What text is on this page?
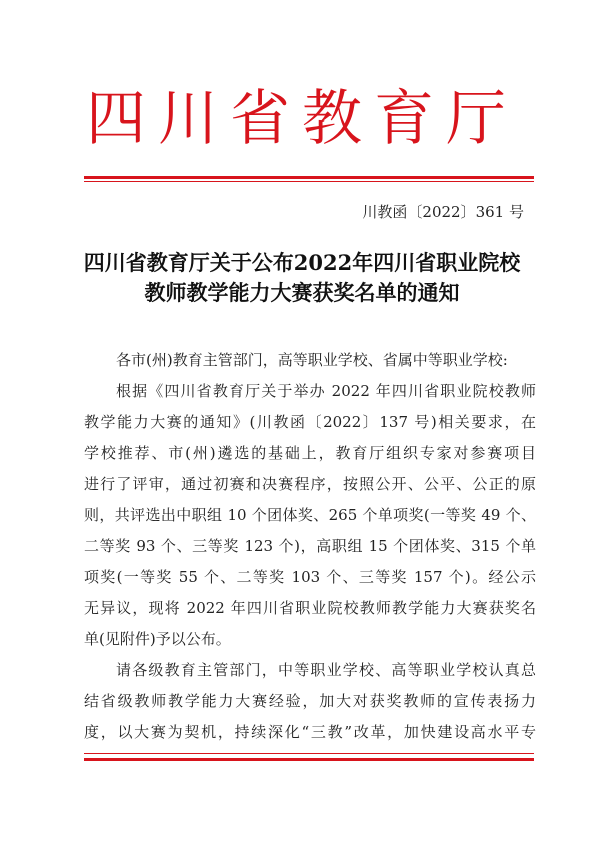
四川省教育厅
川教函〔2022〕361 号
四川省教育厅关于公布2022年四川省职业院校
教师教学能力大赛获奖名单的通知
各市(州)教育主管部门，高等职业学校、省属中等职业学校:
根据《四川省教育厅关于举办 2022 年四川省职业院校教师
教学能力大赛的通知》(川教函〔2022〕137 号)相关要求，在
学校推荐、市(州)遴选的基础上，教育厅组织专家对参赛项目
进行了评审，通过初赛和决赛程序，按照公开、公平、公正的原
则，共评选出中职组 10 个团体奖、265 个单项奖(一等奖 49 个、
二等奖 93 个、三等奖 123 个)，高职组 15 个团体奖、315 个单
项奖(一等奖 55 个、二等奖 103 个、三等奖 157 个)。经公示
无异议，现将 2022 年四川省职业院校教师教学能力大赛获奖名
单(见附件)予以公布。
请各级教育主管部门，中等职业学校、高等职业学校认真总
结省级教师教学能力大赛经验，加大对获奖教师的宣传表扬力
度，以大赛为契机，持续深化“三教”改革，加快建设高水平专
